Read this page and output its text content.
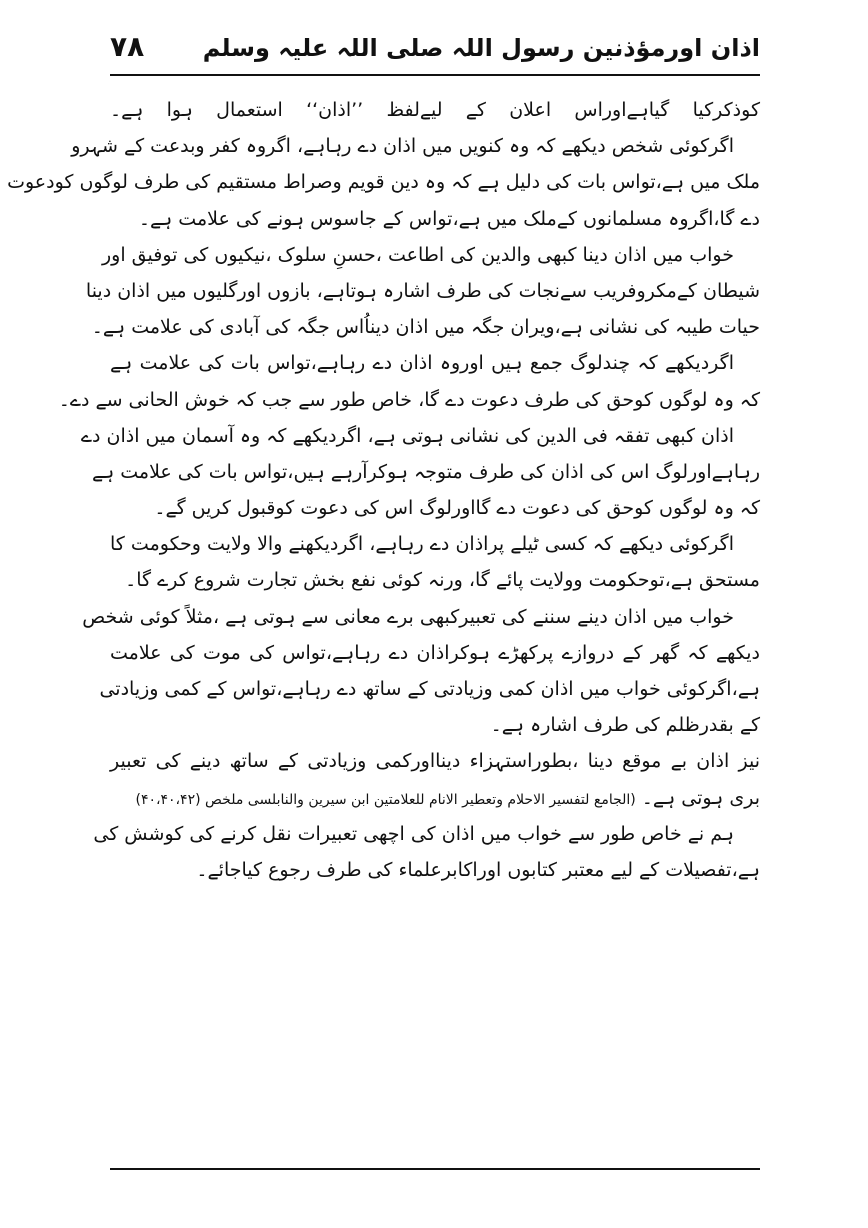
۷۸ اذان اورمؤذنین رسول اللہ صلی اللہ علیہ وسلم
کوذکرکیا گیاہےاوراس اعلان کے لیےلفظ ’’اذان‘‘ استعمال ہوا ہے۔
اگرکوئی شخص دیکھے کہ وہ کنویں میں اذان دے رہاہے، اگروہ کفر وبدعت کے شہرو
ملک میں ہے،تواس بات کی دلیل ہے کہ وہ دین قویم وصراط مستقیم کی طرف لوگوں کودعوت
دے گا،اگروہ مسلمانوں کےملک میں ہے،تواس کے جاسوس ہونے کی علامت ہے۔
خواب میں اذان دینا کبھی والدین کی اطاعت ،حسنِ سلوک ،نیکیوں کی توفیق اور
شیطان کےمکروفریب سےنجات کی طرف اشارہ ہوتاہے، بازوں اورگلیوں میں اذان دینا
حیات طیبہ کی نشانی ہے،ویران جگہ میں اذان دیناُاس جگہ کی آبادی کی علامت ہے۔
اگردیکھے کہ چندلوگ جمع ہیں اوروہ اذان دے رہاہے،تواس بات کی علامت ہے
کہ وہ لوگوں کوحق کی طرف دعوت دے گا، خاص طور سے جب کہ خوش الحانی سے دے۔
اذان کبھی تفقہ فی الدین کی نشانی ہوتی ہے، اگردیکھے کہ وہ آسمان میں اذان دے
رہاہےاورلوگ اس کی اذان کی طرف متوجہ ہوکرآرہے ہیں،تواس بات کی علامت ہے
کہ وہ لوگوں کوحق کی دعوت دے گااورلوگ اس کی دعوت کوقبول کریں گے۔
اگرکوئی دیکھے کہ کسی ٹیلے پراذان دے رہاہے، اگردیکھنے والا ولایت وحکومت کا
مستحق ہے،توحکومت وولایت پائے گا، ورنہ کوئی نفع بخش تجارت شروع کرے گا۔
خواب میں اذان دینے سننے کی تعبیرکبھی برے معانی سے ہوتی ہے ،مثلاً کوئی شخص
دیکھے کہ گھر کے دروازے پرکھڑے ہوکراذان دے رہاہے،تواس کی موت کی علامت
ہے،اگرکوئی خواب میں اذان کمی وزیادتی کے ساتھ دے رہاہے،تواس کے کمی وزیادتی
کے بقدرظلم کی طرف اشارہ ہے۔
نیز اذان بے موقع دینا ،بطوراستہزاء دینااورکمی وزیادتی کے ساتھ دینے کی تعبیر
بری ہوتی ہے۔ (الجامع لتفسیر الاحلام وتعطیر الانام للعلامتین ابن سیرین والنابلسی ملخص (۴۰،۴۰،۴۲)
ہم نے خاص طور سے خواب میں اذان کی اچھی تعبیرات نقل کرنے کی کوشش کی
ہے،تفصیلات کے لیے معتبر کتابوں اوراکابرعلماء کی طرف رجوع کیاجائے۔
